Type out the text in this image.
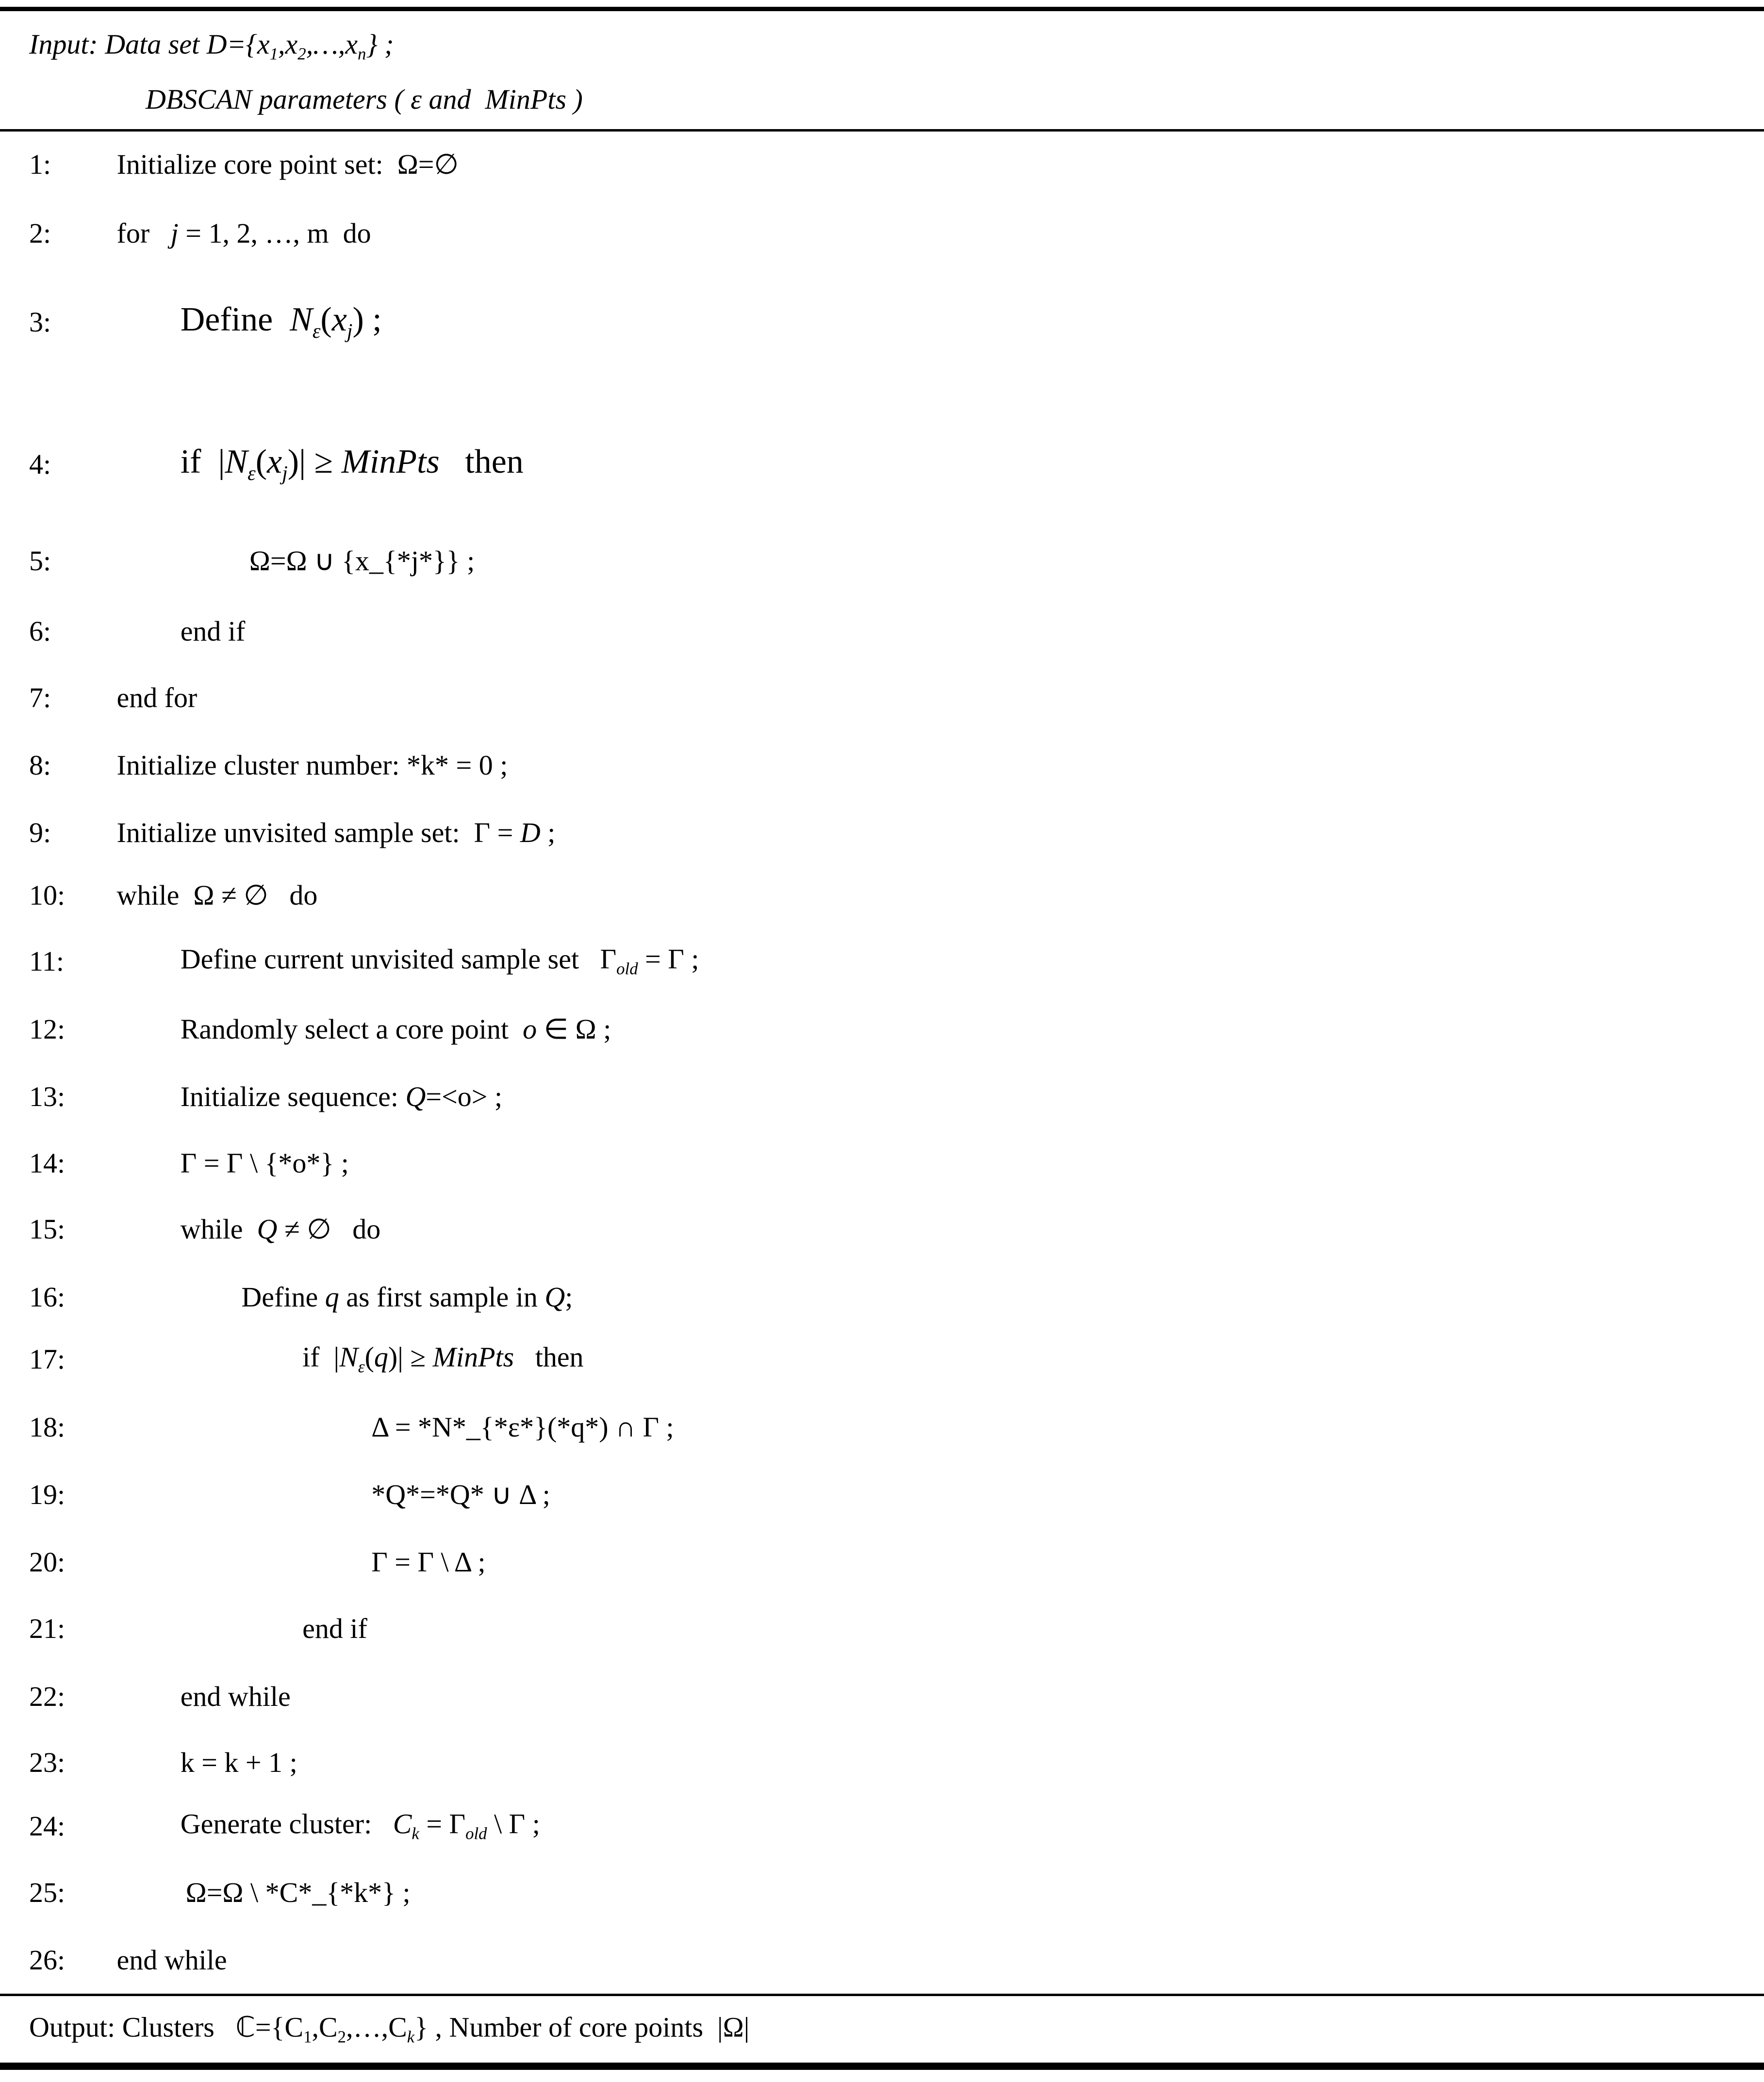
Input: Data set $D=\{x_1,x_2,\dots,x_n\}$ ;
DBSCAN parameters ( ε and  MinPts )
1: Initialize core point set:  Ω=∅
2: for   j = 1, 2, …, m  do
3:	Define  $N_\varepsilon(x_j)$ ;
4:	if  $|N_\varepsilon(x_j)|$ ≥ MinPts   then
5:	Ω=Ω ∪ {x_{*j*}} ;
6:	end if
7: end for
8: Initialize cluster number: *k* = 0 ;
9: Initialize unvisited sample set:  Γ = D ;
10: while  Ω ≠ ∅   do
11:	Define current unvisited sample set   $\Gamma_{old} = \Gamma$ ;
12:	Randomly select a core point  o ∈ Ω ;
13:	Initialize sequence: Q=<o> ;
14:	Γ = Γ \ {*o*} ;
15:	while  Q ≠ ∅   do
16:	Define q as first sample in Q;
17:	if  $|N_\varepsilon(q)|$ ≥ MinPts   then
18:	Δ = *N*_{*ε*}(*q*) ∩ Γ ;
19:	*Q*=*Q* ∪ Δ ;
20:	Γ = Γ \ Δ ;
21:	end if
22:	end while
23:	k = k + 1 ;
24:	Generate cluster:   $C_k = \Gamma_{old}$ \ Γ ;
25:	Ω=Ω \ *C*_{*k*} ;
26: end while
Output: Clusters   $ℂ=\{C_1,C_2,\dots,C_k\}$ , Number of core points  |Ω|
